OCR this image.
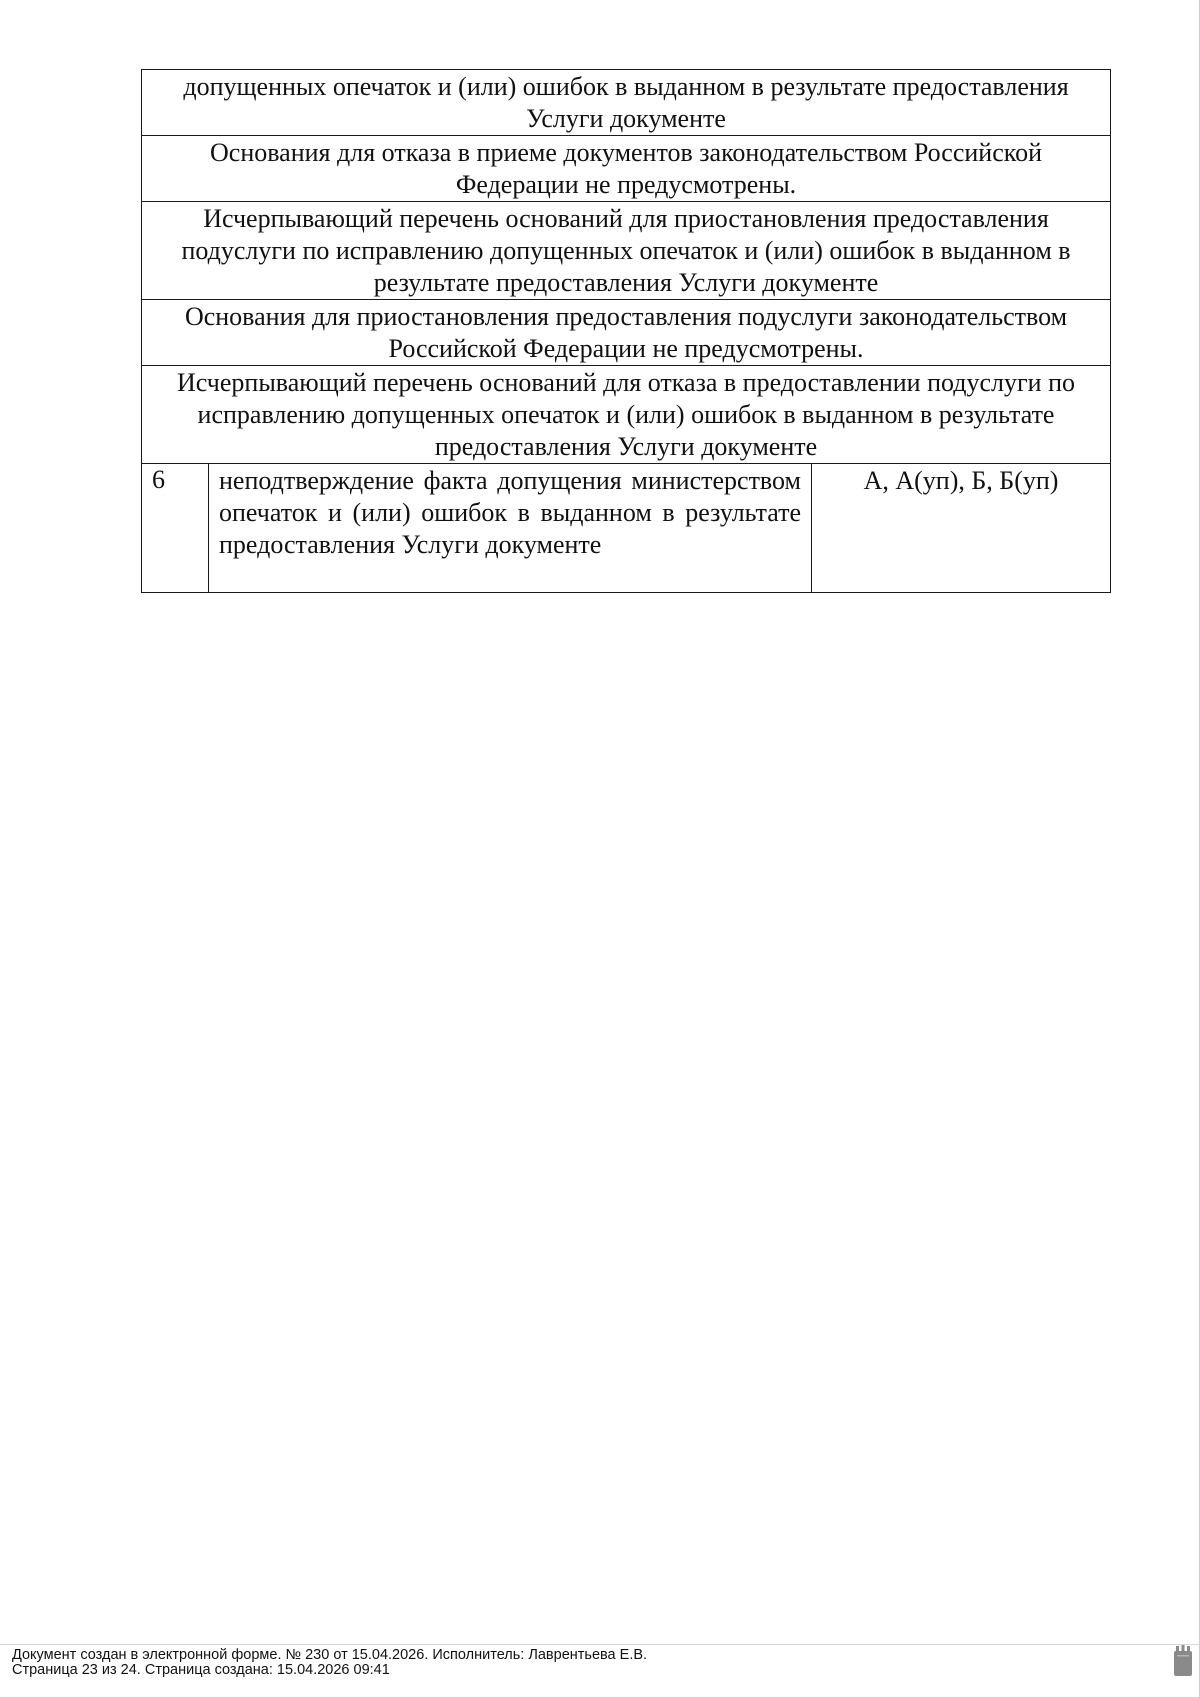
допущенных опечаток и (или) ошибок в выданном в результате предоставления Услуги документе
Основания для отказа в приеме документов законодательством Российской Федерации не предусмотрены.
Исчерпывающий перечень оснований для приостановления предоставления подуслуги по исправлению допущенных опечаток и (или) ошибок в выданном в результате предоставления Услуги документе
Основания для приостановления предоставления подуслуги законодательством Российской Федерации не предусмотрены.
Исчерпывающий перечень оснований для отказа в предоставлении подуслуги по исправлению допущенных опечаток и (или) ошибок в выданном в результате предоставления Услуги документе
6	неподтверждение факта допущения министерством опечаток и (или) ошибок в выданном в результате предоставления Услуги документе	А, А(уп), Б, Б(уп)
Документ создан в электронной форме. № 230 от 15.04.2026. Исполнитель: Лаврентьева Е.В.
Страница 23 из 24. Страница создана: 15.04.2026 09:41
